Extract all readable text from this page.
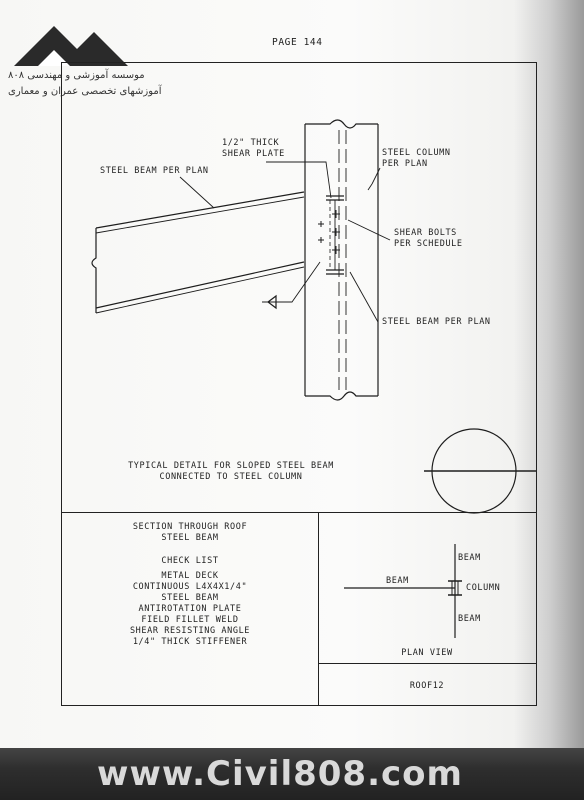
موسسه آموزشی و مهندسی ۸۰۸
آموزشهای تخصصی عمران و معماری
PAGE 144
1/2" THICK
SHEAR PLATE	STEEL COLUMN
PER PLAN
STEEL BEAM PER PLAN
SHEAR BOLTS
PER SCHEDULE
STEEL BEAM PER PLAN
TYPICAL DETAIL FOR SLOPED STEEL BEAM
CONNECTED TO STEEL COLUMN
SECTION THROUGH ROOF
STEEL BEAM
CHECK LIST
METAL DECK
CONTINUOUS L4X4X1/4"
STEEL BEAM
ANTIROTATION PLATE
FIELD FILLET WELD
SHEAR RESISTING ANGLE
1/4" THICK STIFFENER
BEAM
BEAM
COLUMN
BEAM
PLAN VIEW
ROOF12
www.Civil808.com
